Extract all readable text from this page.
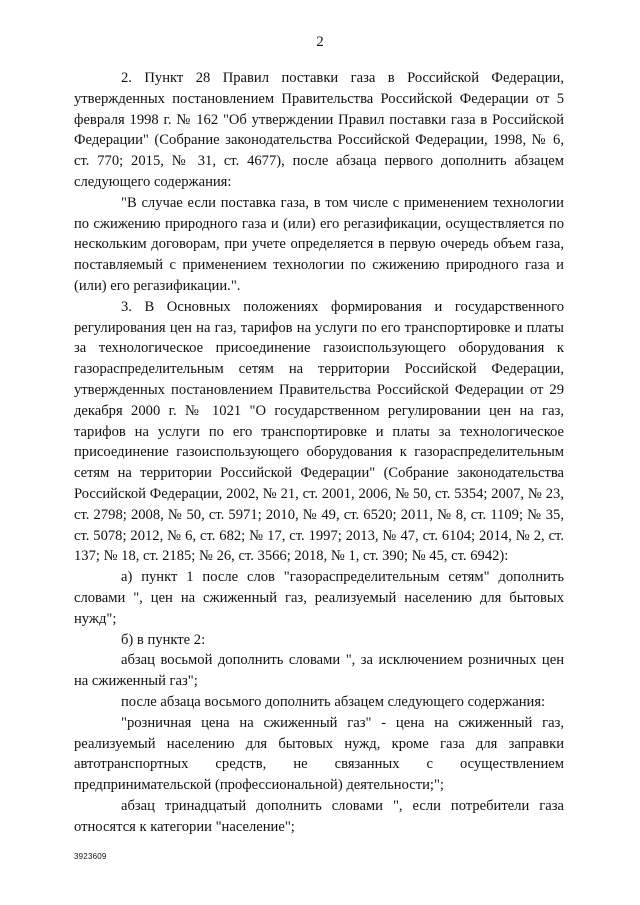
2

2. Пункт 28 Правил поставки газа в Российской Федерации, утвержденных постановлением Правительства Российской Федерации от 5 февраля 1998 г. № 162 "Об утверждении Правил поставки газа в Российской Федерации" (Собрание законодательства Российской Федерации, 1998, № 6, ст. 770; 2015, № 31, ст. 4677), после абзаца первого дополнить абзацем следующего содержания:

"В случае если поставка газа, в том числе с применением технологии по сжижению природного газа и (или) его регазификации, осуществляется по нескольким договорам, при учете определяется в первую очередь объем газа, поставляемый с применением технологии по сжижению природного газа и (или) его регазификации.".

3. В Основных положениях формирования и государственного регулирования цен на газ, тарифов на услуги по его транспортировке и платы за технологическое присоединение газоиспользующего оборудования к газораспределительным сетям на территории Российской Федерации, утвержденных постановлением Правительства Российской Федерации от 29 декабря 2000 г. № 1021 "О государственном регулировании цен на газ, тарифов на услуги по его транспортировке и платы за технологическое присоединение газоиспользующего оборудования к газораспределительным сетям на территории Российской Федерации" (Собрание законодательства Российской Федерации, 2002, № 21, ст. 2001, 2006, № 50, ст. 5354; 2007, № 23, ст. 2798; 2008, № 50, ст. 5971; 2010, № 49, ст. 6520; 2011, № 8, ст. 1109; № 35, ст. 5078; 2012, № 6, ст. 682; № 17, ст. 1997; 2013, № 47, ст. 6104; 2014, № 2, ст. 137; № 18, ст. 2185; № 26, ст. 3566; 2018, № 1, ст. 390; № 45, ст. 6942):

а) пункт 1 после слов "газораспределительным сетям" дополнить словами ", цен на сжиженный газ, реализуемый населению для бытовых нужд";

б) в пункте 2:

абзац восьмой дополнить словами ", за исключением розничных цен на сжиженный газ";

после абзаца восьмого дополнить абзацем следующего содержания:

"розничная цена на сжиженный газ" - цена на сжиженный газ, реализуемый населению для бытовых нужд, кроме газа для заправки автотранспортных средств, не связанных с осуществлением предпринимательской (профессиональной) деятельности;";

абзац тринадцатый дополнить словами ", если потребители газа относятся к категории "население";

3923609
